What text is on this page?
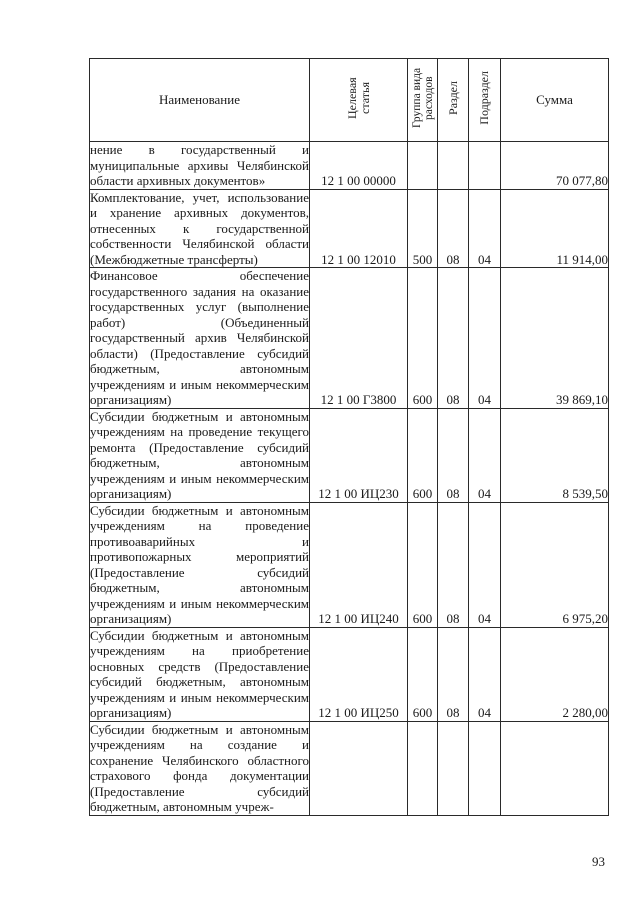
Наименование	Целевая статья	Группа вида расходов	Раздел	Подраздел	Сумма
нение в государственный и муниципальные архивы Челябинской области архивных документов»	12 1 00 00000				70 077,80
Комплектование, учет, использование и хранение архивных документов, отнесенных к государственной собственности Челябинской области (Межбюджетные трансферты)	12 1 00 12010	500	08	04	11 914,00
Финансовое обеспечение государственного задания на оказание государственных услуг (выполнение работ) (Объединенный государственный архив Челябинской области) (Предоставление субсидий бюджетным, автономным учреждениям и иным некоммерческим организациям)	12 1 00 Г3800	600	08	04	39 869,10
Субсидии бюджетным и автономным учреждениям на проведение текущего ремонта (Предоставление субсидий бюджетным, автономным учреждениям и иным некоммерческим организациям)	12 1 00 ИЦ230	600	08	04	8 539,50
Субсидии бюджетным и автономным учреждениям на проведение противоаварийных и противопожарных мероприятий (Предоставление субсидий бюджетным, автономным учреждениям и иным некоммерческим организациям)	12 1 00 ИЦ240	600	08	04	6 975,20
Субсидии бюджетным и автономным учреждениям на приобретение основных средств (Предоставление субсидий бюджетным, автономным учреждениям и иным некоммерческим организациям)	12 1 00 ИЦ250	600	08	04	2 280,00
Субсидии бюджетным и автономным учреждениям на создание и сохранение Челябинского областного страхового фонда документации (Предоставление субсидий бюджетным, автономным учреж-					
93
